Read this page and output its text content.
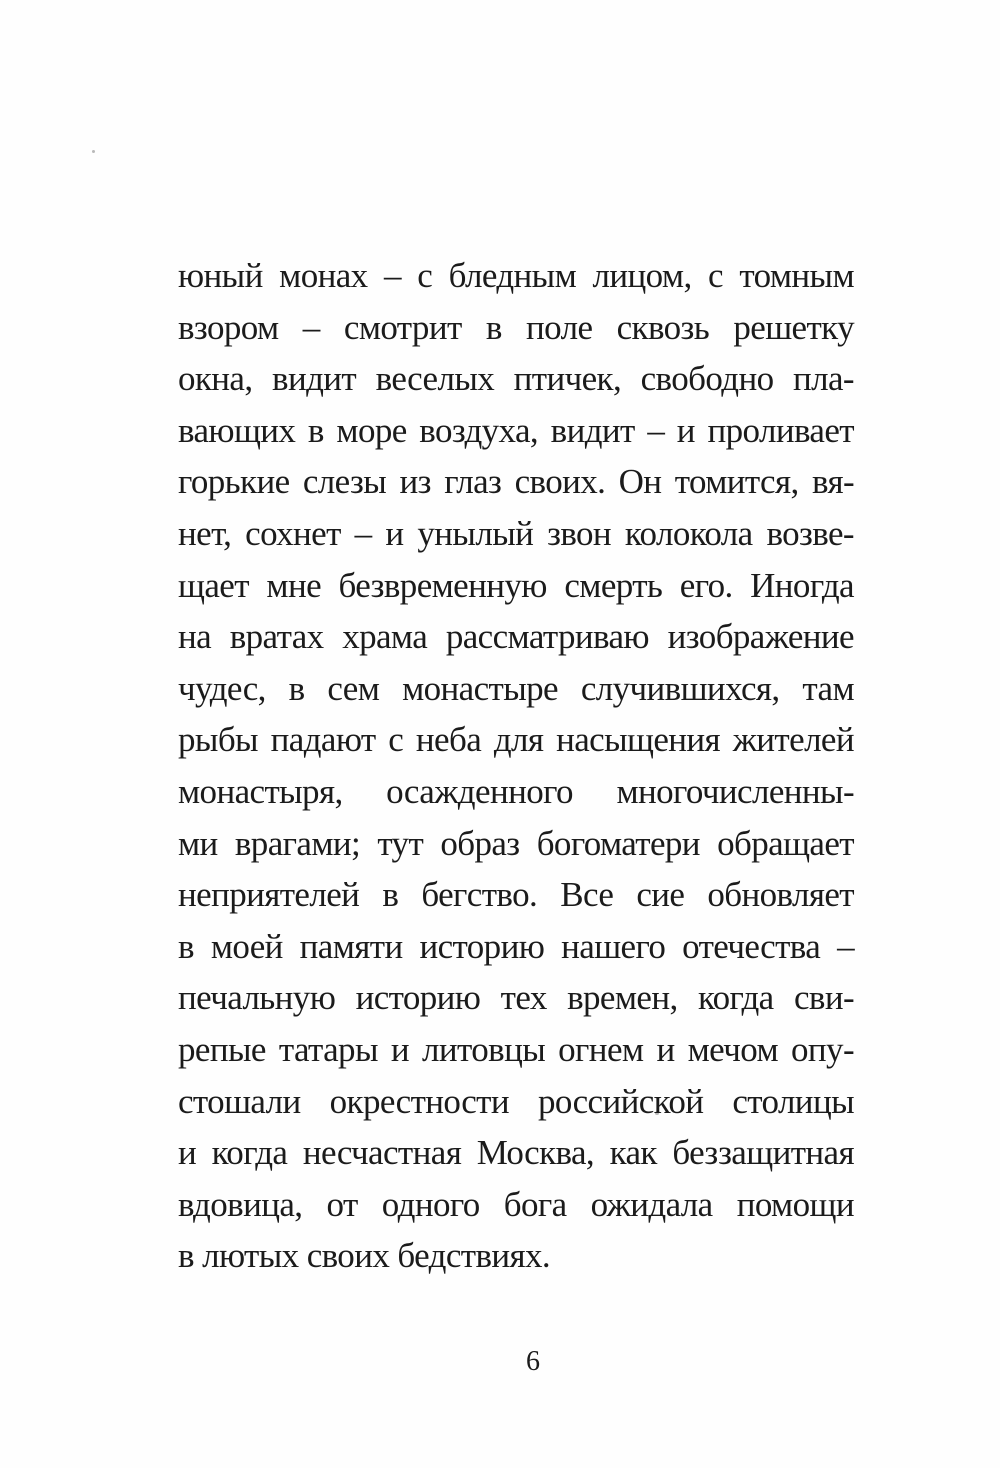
юный монах – с бледным лицом, с томным
взором – смотрит в поле сквозь решетку
окна, видит веселых птичек, свободно пла-
вающих в море воздуха, видит – и проливает
горькие слезы из глаз своих. Он томится, вя-
нет, сохнет – и унылый звон колокола возве-
щает мне безвременную смерть его. Иногда
на вратах храма рассматриваю изображение
чудес, в сем монастыре случившихся, там
рыбы падают с неба для насыщения жителей
монастыря, осажденного многочисленны-
ми врагами; тут образ богоматери обращает
неприятелей в бегство. Все сие обновляет
в моей памяти историю нашего отечества –
печальную историю тех времен, когда сви-
репые татары и литовцы огнем и мечом опу-
стошали окрестности российской столицы
и когда несчастная Москва, как беззащитная
вдовица, от одного бога ожидала помощи
в лютых своих бедствиях.
6
